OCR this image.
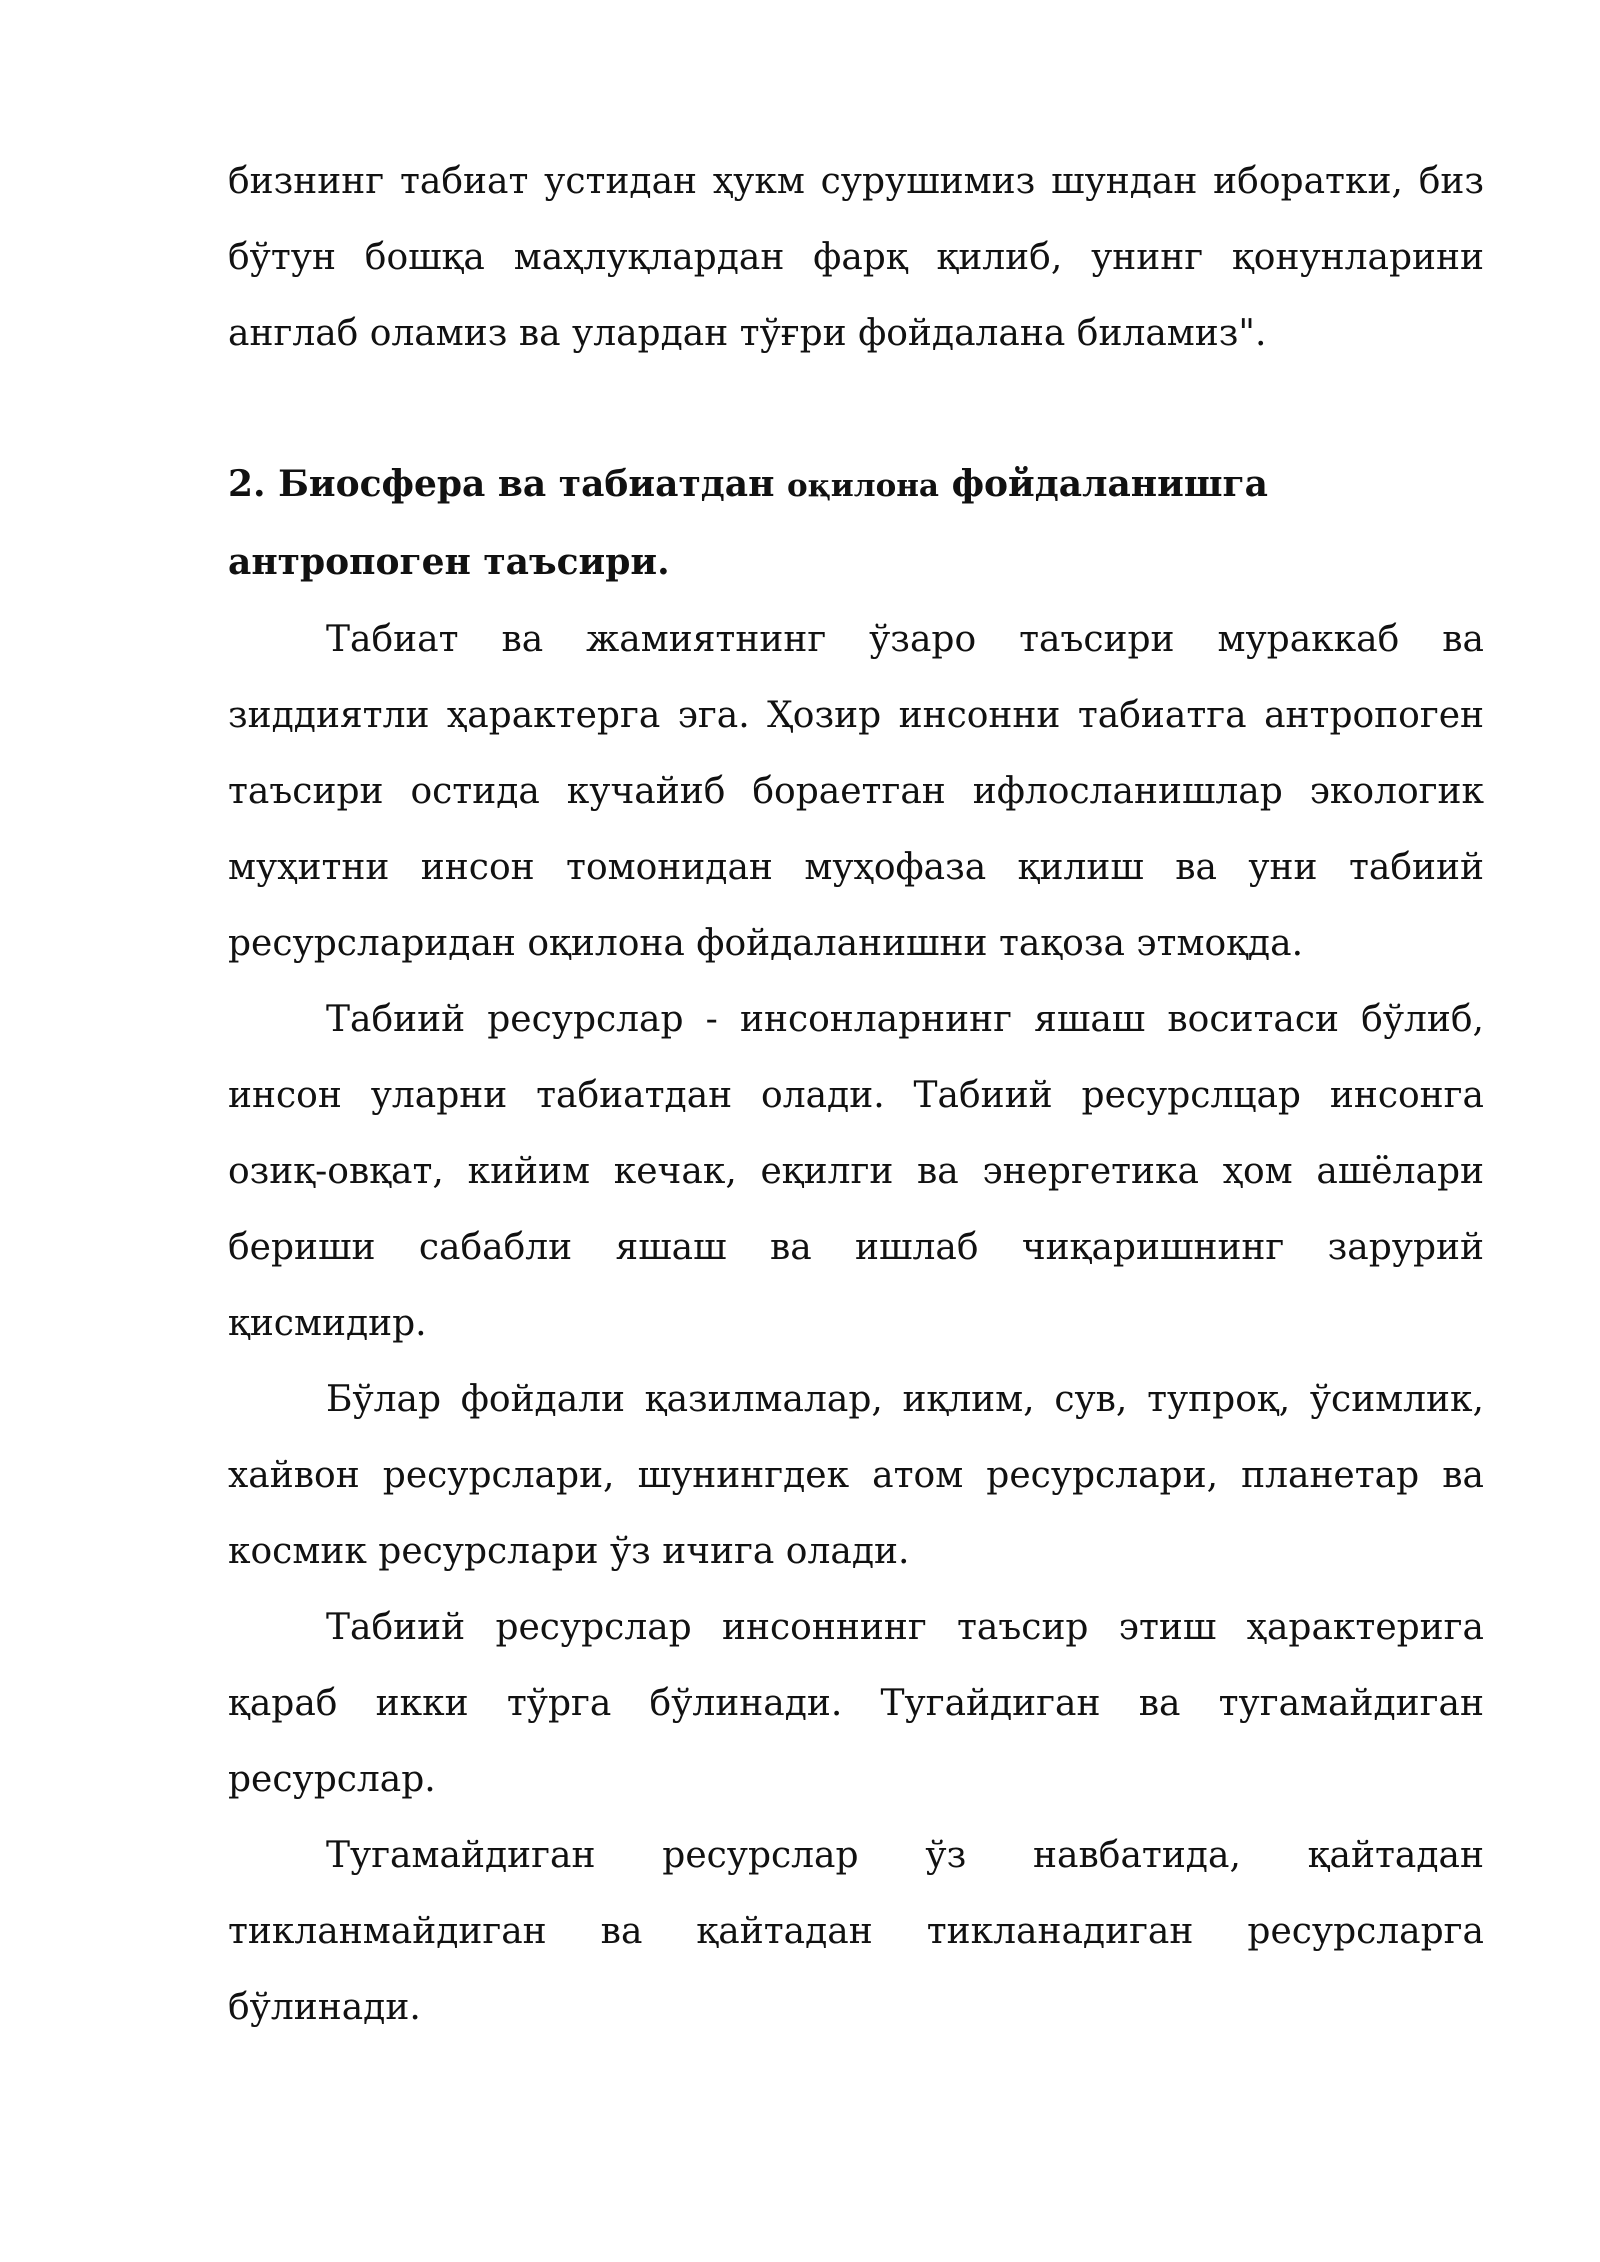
бизнинг табиат устидан ҳукм сурушимиз шундан иборатки, биз бўтун бошқа маҳлуқлардан фарқ қилиб, унинг қонунларини англаб оламиз ва улардан тўғри фойдалана биламиз".

2. Биосфера ва табиатдан оқилона фойдаланишга

антропоген таъсири.

Табиат ва жамиятнинг ўзаро таъсири мураккаб ва зиддиятли ҳарактерга эга. Ҳозир инсонни табиатга антропоген таъсири остида кучайиб бораетган ифлосланишлар экологик муҳитни инсон томонидан муҳофаза қилиш ва уни табиий ресурсларидан оқилона фойдаланишни тақоза этмоқда.

Табиий ресурслар - инсонларнинг яшаш воситаси бўлиб, инсон уларни табиатдан олади. Табиий ресурслцар инсонга озиқ-овқат, кийим кечак, еқилги ва энергетика ҳом ашёлари бериши сабабли яшаш ва ишлаб чиқаришнинг зарурий қисмидир.

Бўлар фойдали қазилмалар, иқлим, сув, тупроқ, ўсимлик, хайвон ресурслари, шунингдек атом ресурслари, планетар ва космик ресурслари ўз ичига олади.

Табиий ресурслар инсоннинг таъсир этиш ҳарактерига қараб икки тўрга бўлинади. Тугайдиган ва тугамайдиган ресурслар.

Тугамайдиган ресурслар ўз навбатида, қайтадан тикланмайдиган ва қайтадан тикланадиган ресурсларга бўлинади.
